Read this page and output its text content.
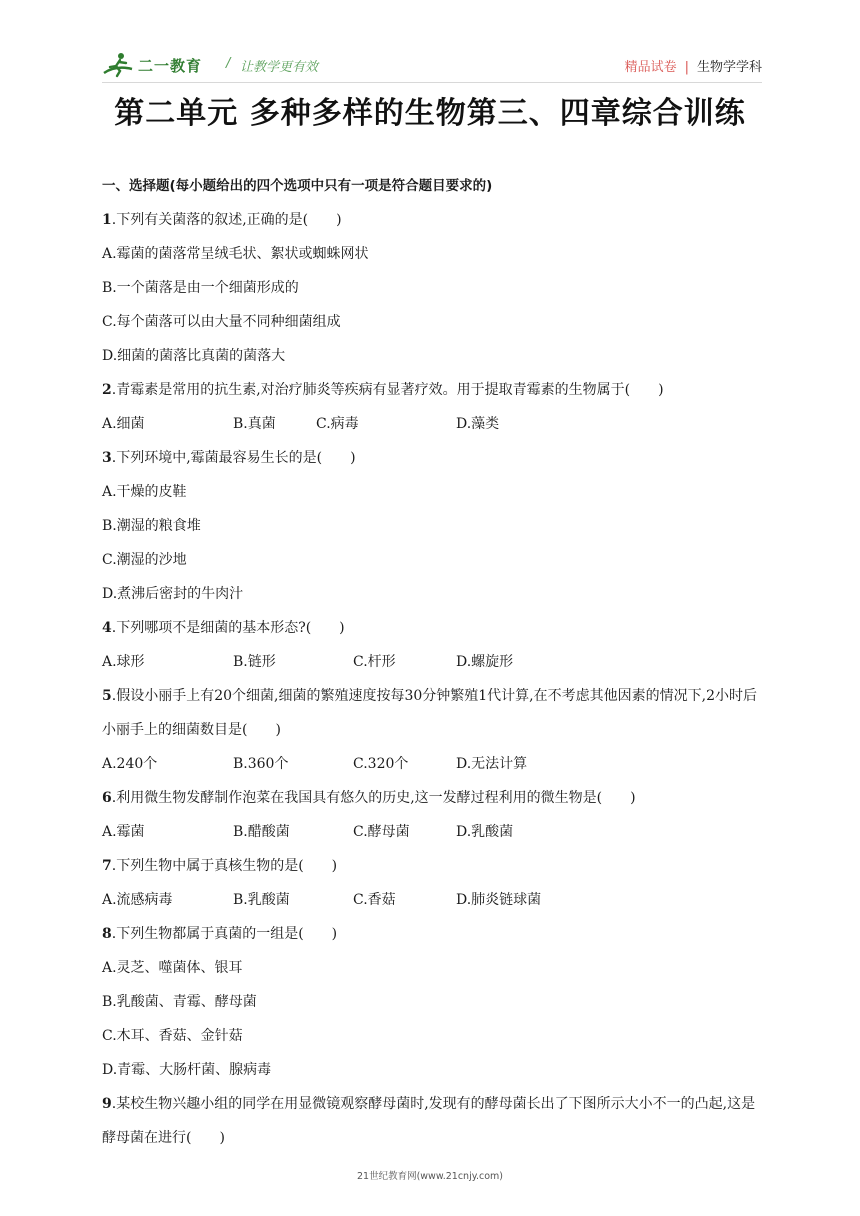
二一教育 / 让教学更有效	精品试卷 | 生物学学科
第二单元 多种多样的生物第三、四章综合训练
一、选择题(每小题给出的四个选项中只有一项是符合题目要求的)
1.下列有关菌落的叙述,正确的是(　　)
A.霉菌的菌落常呈绒毛状、絮状或蜘蛛网状
B.一个菌落是由一个细菌形成的
C.每个菌落可以由大量不同种细菌组成
D.细菌的菌落比真菌的菌落大
2.青霉素是常用的抗生素,对治疗肺炎等疾病有显著疗效。用于提取青霉素的生物属于(　　)
A.细菌	B.真菌	C.病毒	D.藻类
3.下列环境中,霉菌最容易生长的是(　　)
A.干燥的皮鞋
B.潮湿的粮食堆
C.潮湿的沙地
D.煮沸后密封的牛肉汁
4.下列哪项不是细菌的基本形态?(　　)
A.球形	B.链形	C.杆形	D.螺旋形
5.假设小丽手上有20个细菌,细菌的繁殖速度按每30分钟繁殖1代计算,在不考虑其他因素的情况下,2小时后小丽手上的细菌数目是(　　)
A.240个	B.360个	C.320个	D.无法计算
6.利用微生物发酵制作泡菜在我国具有悠久的历史,这一发酵过程利用的微生物是(　　)
A.霉菌	B.醋酸菌	C.酵母菌	D.乳酸菌
7.下列生物中属于真核生物的是(　　)
A.流感病毒	B.乳酸菌	C.香菇	D.肺炎链球菌
8.下列生物都属于真菌的一组是(　　)
A.灵芝、噬菌体、银耳
B.乳酸菌、青霉、酵母菌
C.木耳、香菇、金针菇
D.青霉、大肠杆菌、腺病毒
9.某校生物兴趣小组的同学在用显微镜观察酵母菌时,发现有的酵母菌长出了下图所示大小不一的凸起,这是酵母菌在进行(　　)
21世纪教育网(www.21cnjy.com)
